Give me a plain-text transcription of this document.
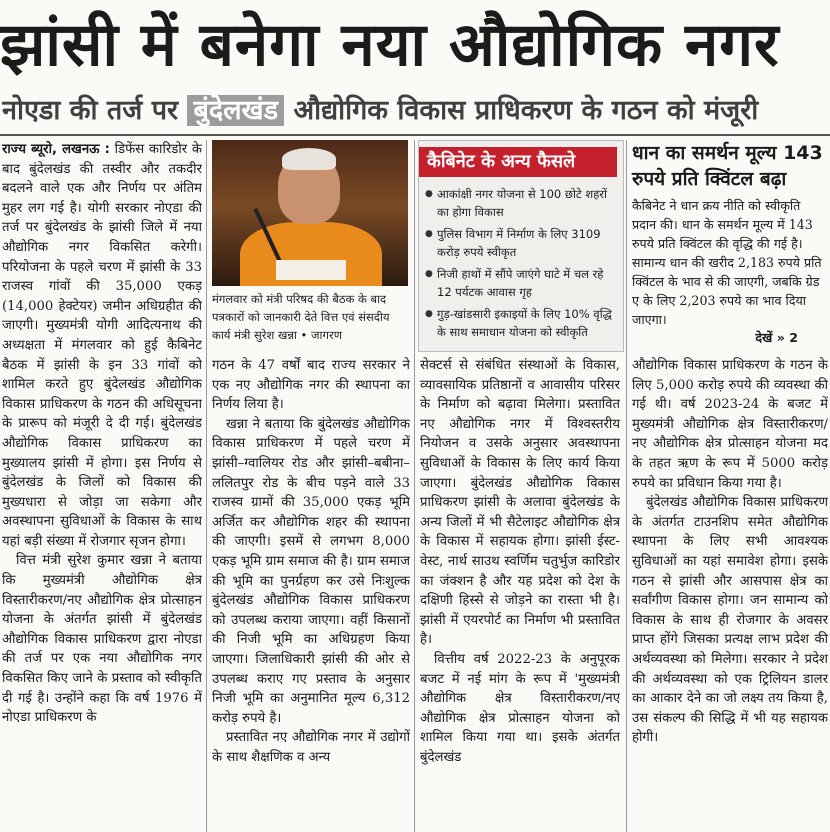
झांसी में बनेगा नया औद्योगिक नगर
नोएडा की तर्ज पर बुंदेलखंड औद्योगिक विकास प्राधिकरण के गठन को मंजूरी

राज्य ब्यूरो, लखनऊ : डिफेंस कारिडोर के बाद बुंदेलखंड की तस्वीर और तकदीर बदलने वाले एक और निर्णय पर अंतिम मुहर लग गई है। योगी सरकार नोएडा की तर्ज पर बुंदेलखंड के झांसी जिले में नया औद्योगिक नगर विकसित करेगी। परियोजना के पहले चरण में झांसी के 33 राजस्व गांवों की 35,000 एकड़ (14,000 हेक्टेयर) जमीन अधिग्रहीत की जाएगी। मुख्यमंत्री योगी आदित्यनाथ की अध्यक्षता में मंगलवार को हुई कैबिनेट बैठक में झांसी के इन 33 गांवों को शामिल करते हुए बुंदेलखंड औद्योगिक विकास प्राधिकरण के गठन की अधिसूचना के प्रारूप को मंजूरी दे दी गई। बुंदेलखंड औद्योगिक विकास प्राधिकरण का मुख्यालय झांसी में होगा। इस निर्णय से बुंदेलखंड के जिलों को विकास की मुख्यधारा से जोड़ा जा सकेगा और अवस्थापना सुविधाओं के विकास के साथ यहां बड़ी संख्या में रोजगार सृजन होगा।

वित्त मंत्री सुरेश कुमार खन्ना ने बताया कि मुख्यमंत्री औद्योगिक क्षेत्र विस्तारीकरण/नए औद्योगिक क्षेत्र प्रोत्साहन योजना के अंतर्गत झांसी में बुंदेलखंड औद्योगिक विकास प्राधिकरण द्वारा नोएडा की तर्ज पर एक नया औद्योगिक नगर विकसित किए जाने के प्रस्ताव को स्वीकृति दी गई है। उन्होंने कहा कि वर्ष 1976 में नोएडा प्राधिकरण के

मंगलवार को मंत्री परिषद की बैठक के बाद पत्रकारों को जानकारी देते वित्त एवं संसदीय कार्य मंत्री सुरेश खन्ना • जागरण

गठन के 47 वर्षों बाद राज्य सरकार ने एक नए औद्योगिक नगर की स्थापना का निर्णय लिया है।

खन्ना ने बताया कि बुंदेलखंड औद्योगिक विकास प्राधिकरण में पहले चरण में झांसी–ग्वालियर रोड और झांसी–बबीना–ललितपुर रोड के बीच पड़ने वाले 33 राजस्व ग्रामों की 35,000 एकड़ भूमि अर्जित कर औद्योगिक शहर की स्थापना की जाएगी। इसमें से लगभग 8,000 एकड़ भूमि ग्राम समाज की है। ग्राम समाज की भूमि का पुनर्ग्रहण कर उसे निःशुल्क बुंदेलखंड औद्योगिक विकास प्राधिकरण को उपलब्ध कराया जाएगा। वहीं किसानों की निजी भूमि का अधिग्रहण किया जाएगा। जिलाधिकारी झांसी की ओर से उपलब्ध कराए गए प्रस्ताव के अनुसार निजी भूमि का अनुमानित मूल्य 6,312 करोड़ रुपये है।

प्रस्तावित नए औद्योगिक नगर में उद्योगों के साथ शैक्षणिक व अन्य

कैबिनेट के अन्य फैसले
● आकांक्षी नगर योजना से 100 छोटे शहरों का होगा विकास
● पुलिस विभाग में निर्माण के लिए 3109 करोड़ रुपये स्वीकृत
● निजी हाथों में सौंपे जाएंगे घाटे में चल रहे 12 पर्यटक आवास गृह
● गुड़-खांडसारी इकाइयों के लिए 10% वृद्धि के साथ समाधान योजना को स्वीकृति

सेक्टर्स से संबंधित संस्थाओं के विकास, व्यावसायिक प्रतिष्ठानों व आवासीय परिसर के निर्माण को बढ़ावा मिलेगा। प्रस्तावित नए औद्योगिक नगर में विश्वस्तरीय नियोजन व उसके अनुसार अवस्थापना सुविधाओं के विकास के लिए कार्य किया जाएगा। बुंदेलखंड औद्योगिक विकास प्राधिकरण झांसी के अलावा बुंदेलखंड के अन्य जिलों में भी सैटेलाइट औद्योगिक क्षेत्र के विकास में सहायक होगा। झांसी ईस्ट-वेस्ट, नार्थ साउथ स्वर्णिम चतुर्भुज कारिडोर का जंक्शन है और यह प्रदेश को देश के दक्षिणी हिस्से से जोड़ने का रास्ता भी है। झांसी में एयरपोर्ट का निर्माण भी प्रस्तावित है।

वित्तीय वर्ष 2022-23 के अनुपूरक बजट में नई मांग के रूप में 'मुख्यमंत्री औद्योगिक क्षेत्र विस्तारीकरण/नए औद्योगिक क्षेत्र प्रोत्साहन योजना को शामिल किया गया था। इसके अंतर्गत बुंदेलखंड

धान का समर्थन मूल्य 143 रुपये प्रति क्विंटल बढ़ा

कैबिनेट ने धान क्रय नीति को स्वीकृति प्रदान की। धान के समर्थन मूल्य में 143 रुपये प्रति क्विंटल की वृद्धि की गई है। सामान्य धान की खरीद 2,183 रुपये प्रति क्विंटल के भाव से की जाएगी, जबकि ग्रेड ए के लिए 2,203 रुपये का भाव दिया जाएगा।

देखें » 2

औद्योगिक विकास प्राधिकरण के गठन के लिए 5,000 करोड़ रुपये की व्यवस्था की गई थी। वर्ष 2023-24 के बजट में मुख्यमंत्री औद्योगिक क्षेत्र विस्तारीकरण/नए औद्योगिक क्षेत्र प्रोत्साहन योजना मद के तहत ऋण के रूप में 5000 करोड़ रुपये का प्रविधान किया गया है।

बुंदेलखंड औद्योगिक विकास प्राधिकरण के अंतर्गत टाउनशिप समेत औद्योगिक स्थापना के लिए सभी आवश्यक सुविधाओं का यहां समावेश होगा। इसके गठन से झांसी और आसपास क्षेत्र का सर्वांगीण विकास होगा। जन सामान्य को विकास के साथ ही रोजगार के अवसर प्राप्त होंगे जिसका प्रत्यक्ष लाभ प्रदेश की अर्थव्यवस्था को मिलेगा। सरकार ने प्रदेश की अर्थव्यवस्था को एक ट्रिलियन डालर का आकार देने का जो लक्ष्य तय किया है, उस संकल्प की सिद्धि में भी यह सहायक होगी।
